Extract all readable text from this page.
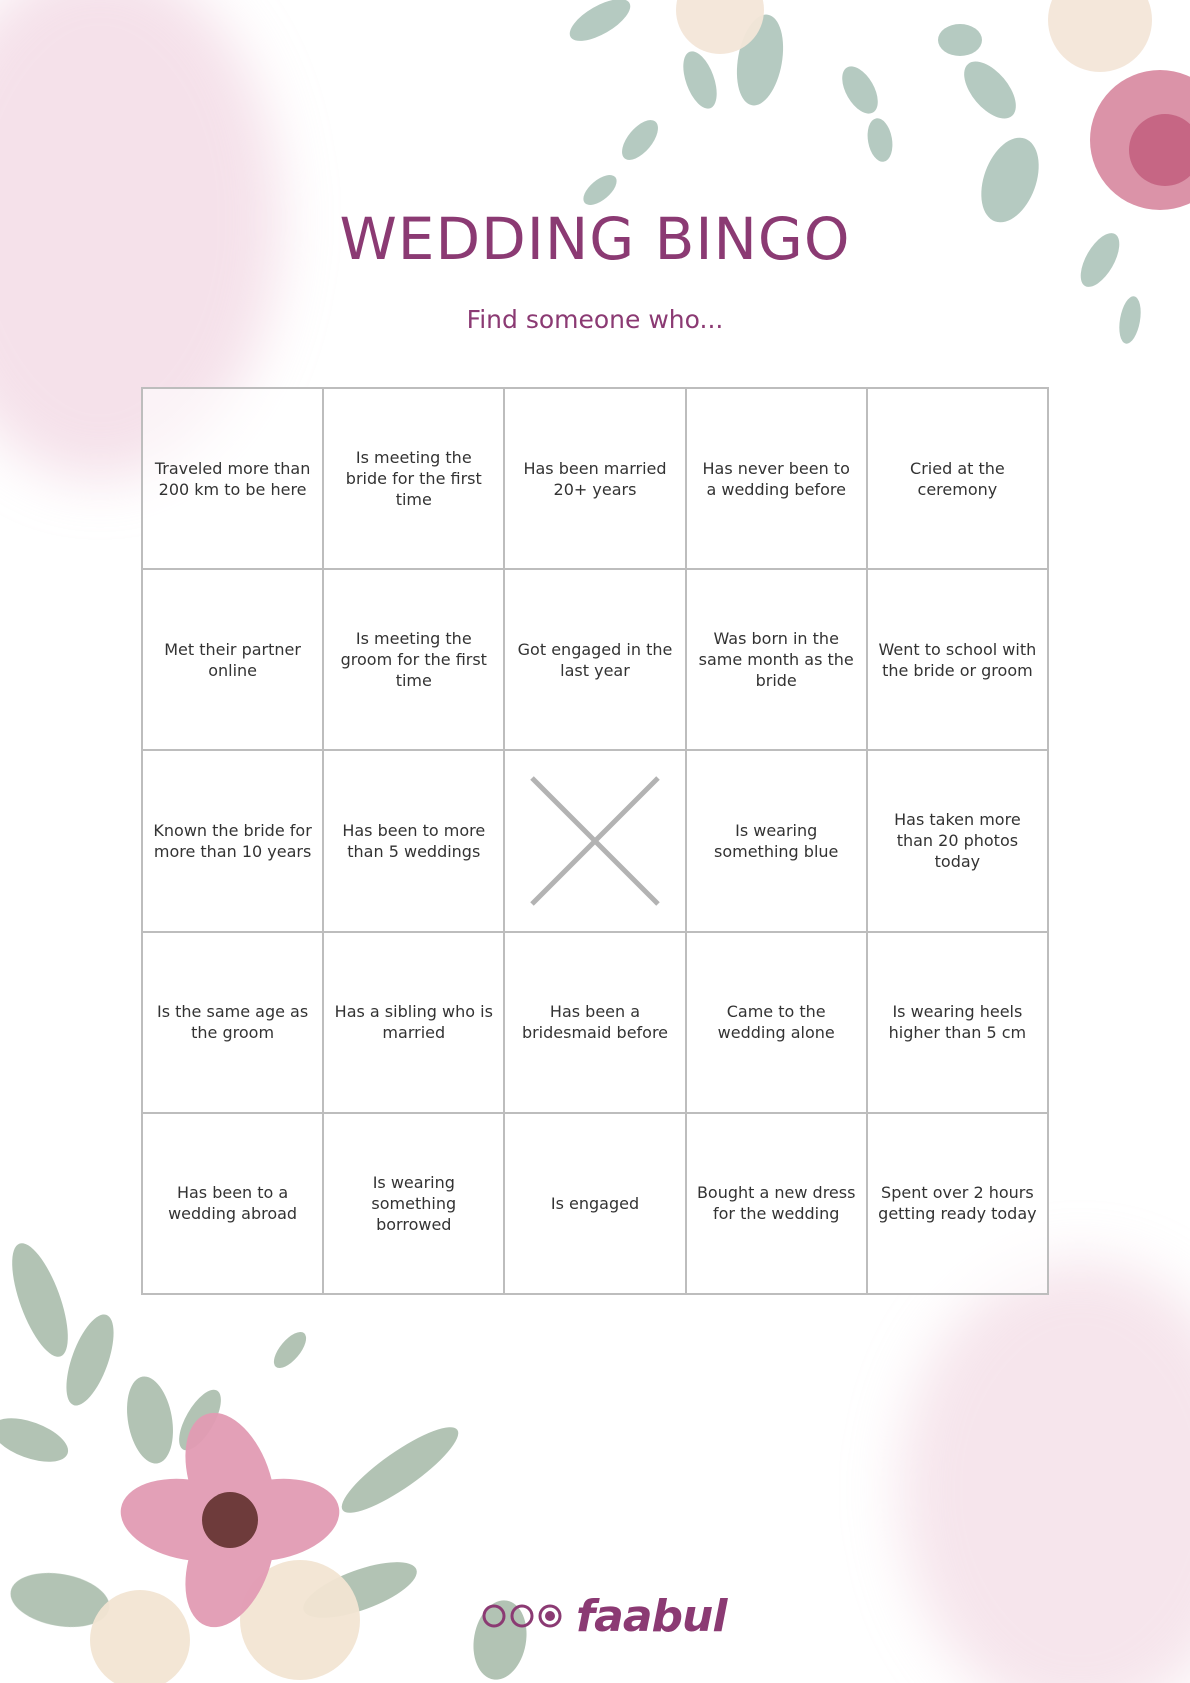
WEDDING BINGO

Find someone who...

Traveled more than 200 km to be here
Is meeting the bride for the first time
Has been married 20+ years
Has never been to a wedding before
Cried at the ceremony
Met their partner online
Is meeting the groom for the first time
Got engaged in the last year
Was born in the same month as the bride
Went to school with the bride or groom
Known the bride for more than 10 years
Has been to more than 5 weddings
Is wearing something blue
Has taken more than 20 photos today
Is the same age as the groom
Has a sibling who is married
Has been a bridesmaid before
Came to the wedding alone
Is wearing heels higher than 5 cm
Has been to a wedding abroad
Is wearing something borrowed
Is engaged
Bought a new dress for the wedding
Spent over 2 hours getting ready today
faabul
